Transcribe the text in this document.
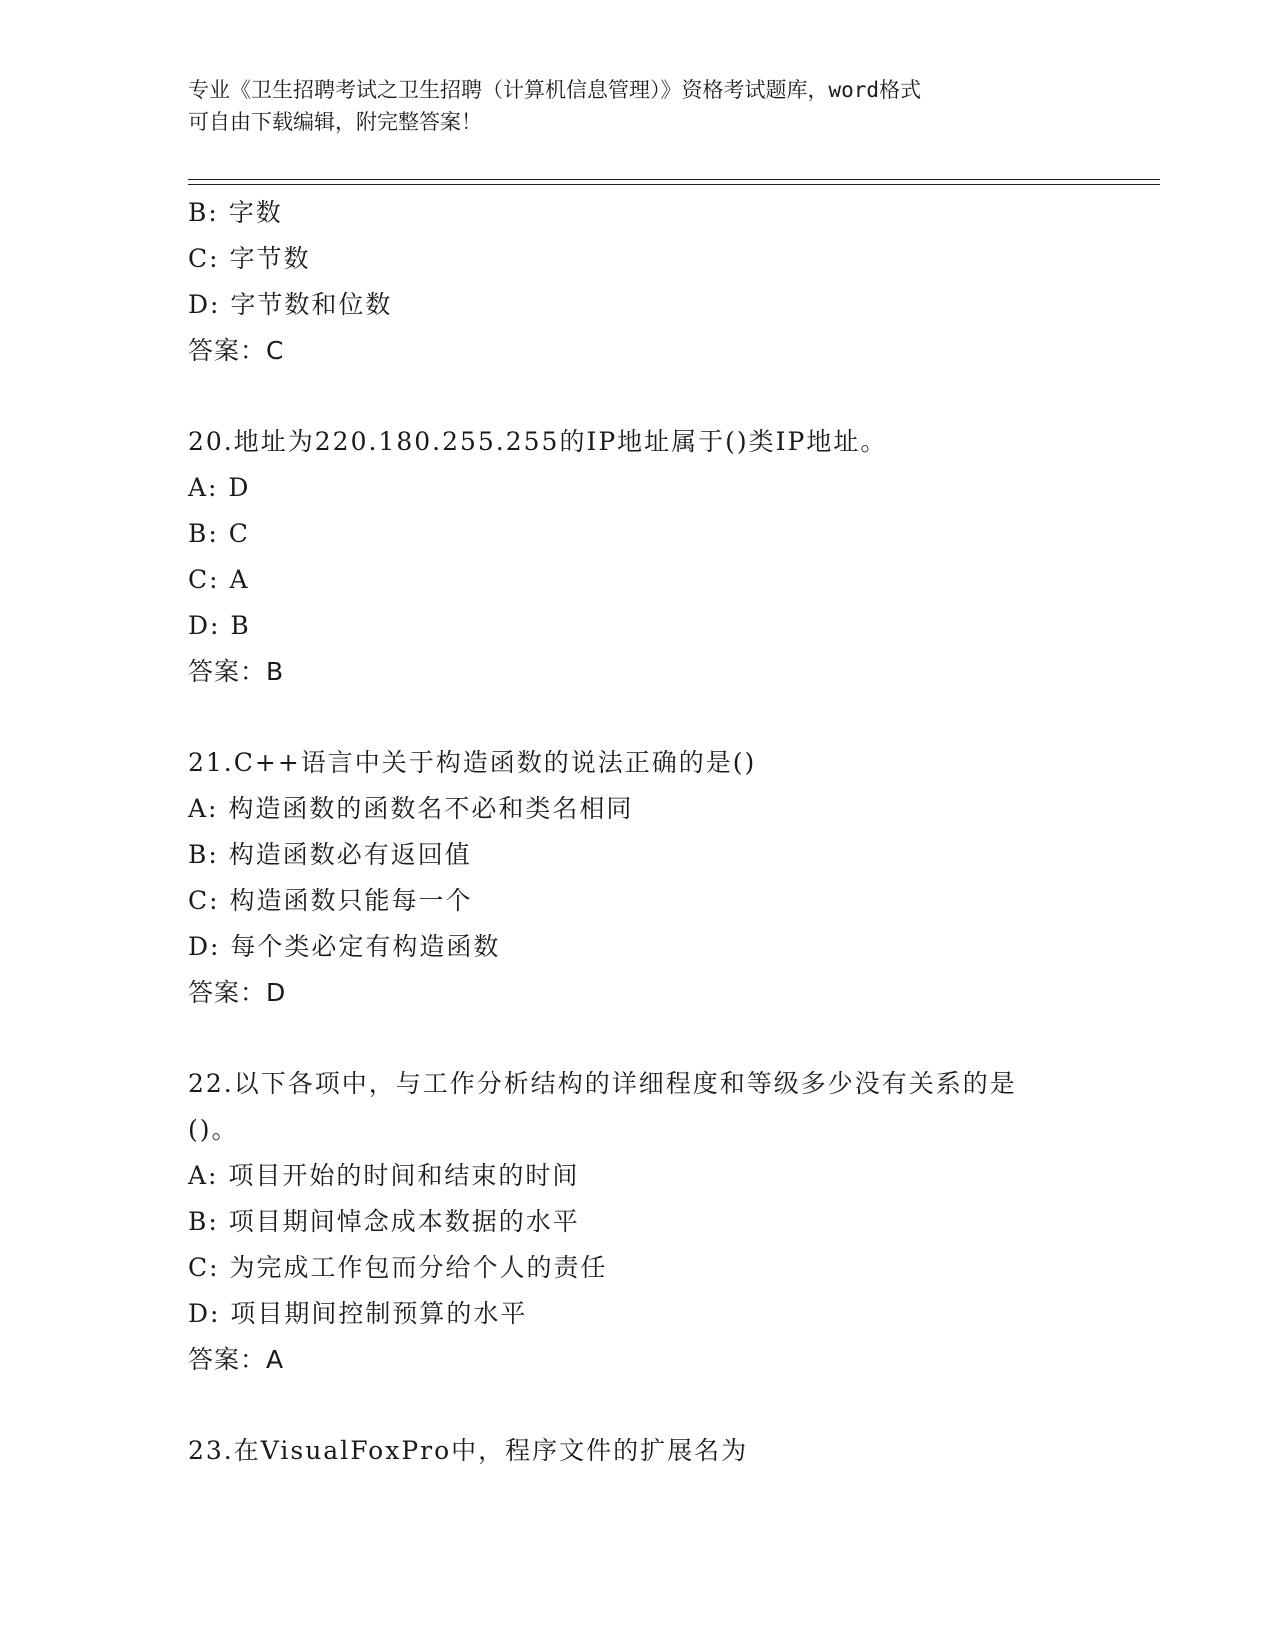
专业《卫生招聘考试之卫生招聘（计算机信息管理）》资格考试题库，word格式
可自由下载编辑，附完整答案！
B: 字数
C: 字节数
D: 字节数和位数
答案：C
20.地址为220.180.255.255的IP地址属于()类IP地址。
A: D
B: C
C: A
D: B
答案：B
21.C++语言中关于构造函数的说法正确的是()
A: 构造函数的函数名不必和类名相同
B: 构造函数必有返回值
C: 构造函数只能每一个
D: 每个类必定有构造函数
答案：D
22.以下各项中，与工作分析结构的详细程度和等级多少没有关系的是
()。
A: 项目开始的时间和结束的时间
B: 项目期间悼念成本数据的水平
C: 为完成工作包而分给个人的责任
D: 项目期间控制预算的水平
答案：A
23.在VisualFoxPro中，程序文件的扩展名为
